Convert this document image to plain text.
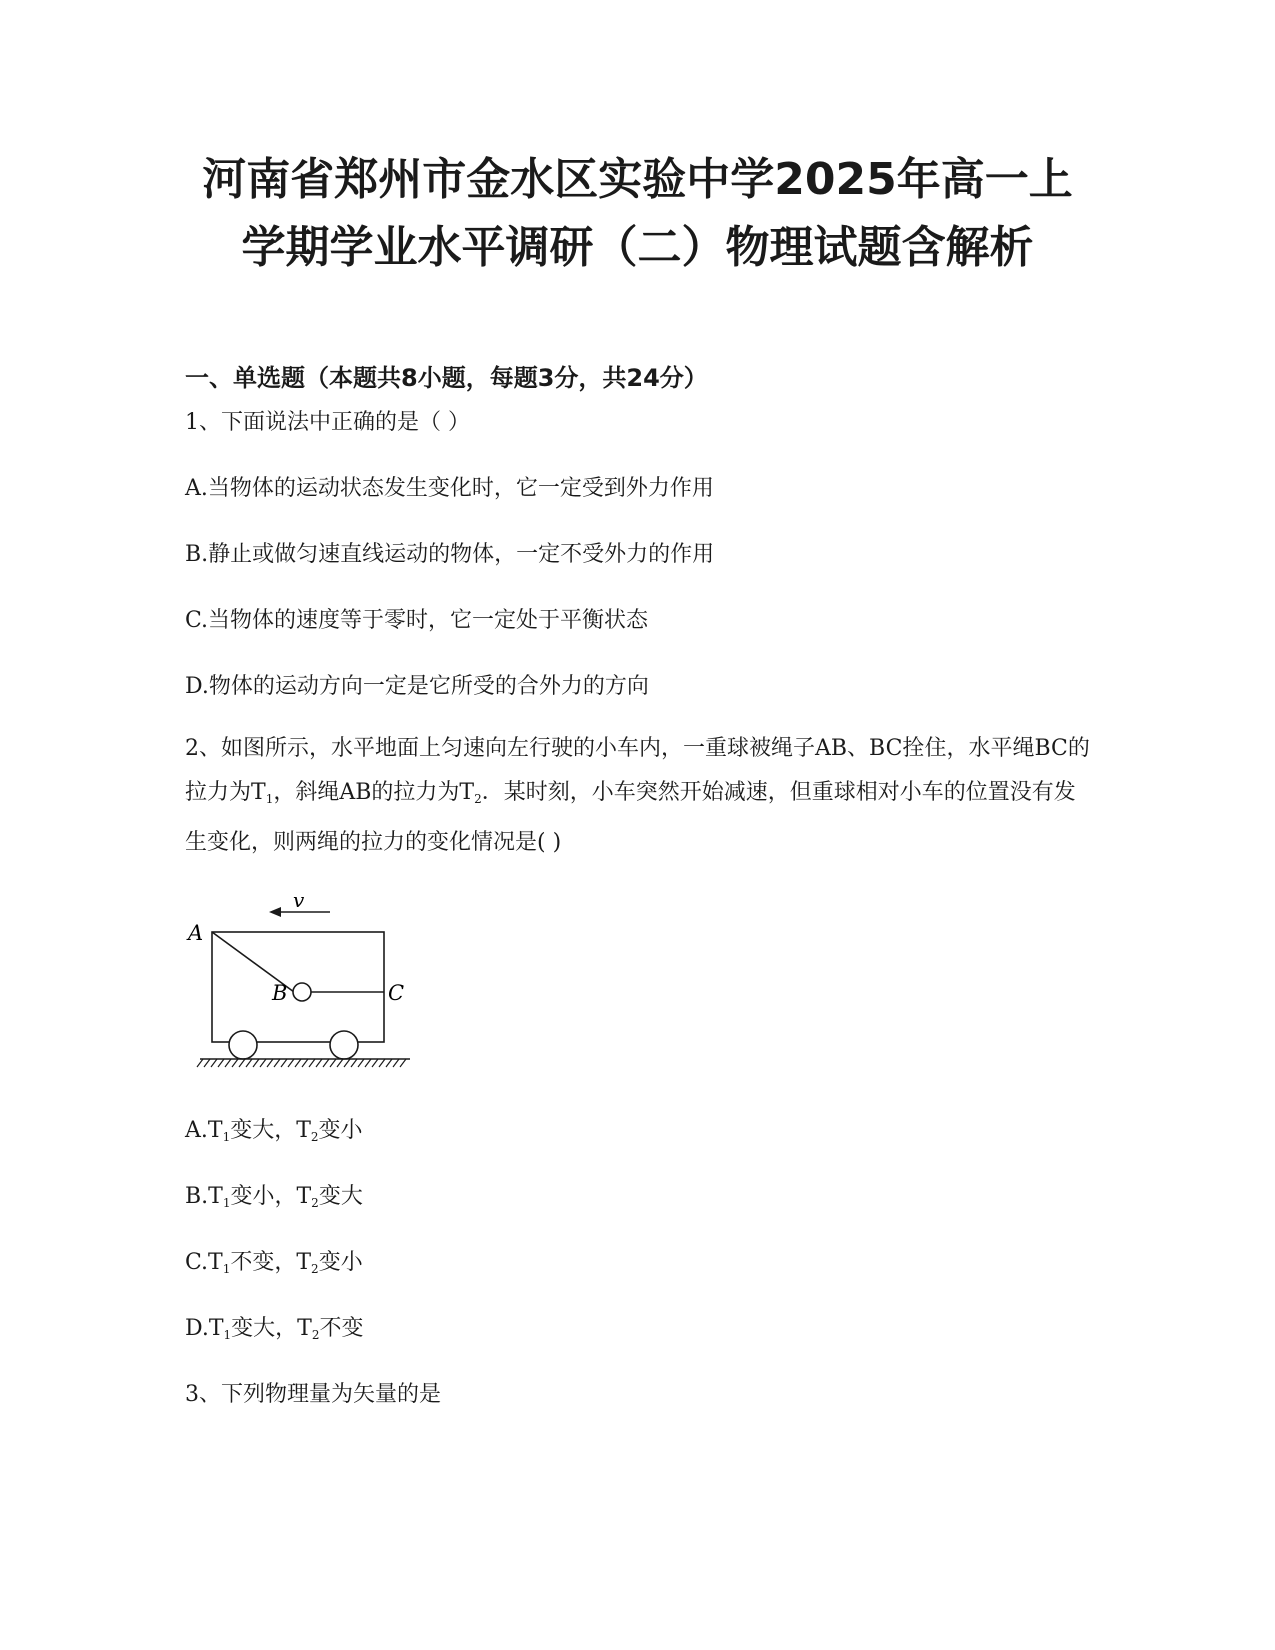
河南省郑州市金水区实验中学2025年高一上
学期学业水平调研（二）物理试题含解析
一、单选题（本题共8小题，每题3分，共24分）
1、下面说法中正确的是（ ）
A.当物体的运动状态发生变化时，它一定受到外力作用
B.静止或做匀速直线运动的物体，一定不受外力的作用
C.当物体的速度等于零时，它一定处于平衡状态
D.物体的运动方向一定是它所受的合外力的方向
2、如图所示，水平地面上匀速向左行驶的小车内，一重球被绳子AB、BC拴住，水平绳BC的拉力为$T_1$，斜绳AB的拉力为$T_2$．某时刻，小车突然开始减速，但重球相对小车的位置没有发生变化，则两绳的拉力的变化情况是( )
v
A
B	C
$A.T_1$变大，$T_2$变小
$B.T_1$变小，$T_2$变大
$C.T_1$不变，$T_2$变小
$D.T_1$变大，$T_2$不变
3、下列物理量为矢量的是
